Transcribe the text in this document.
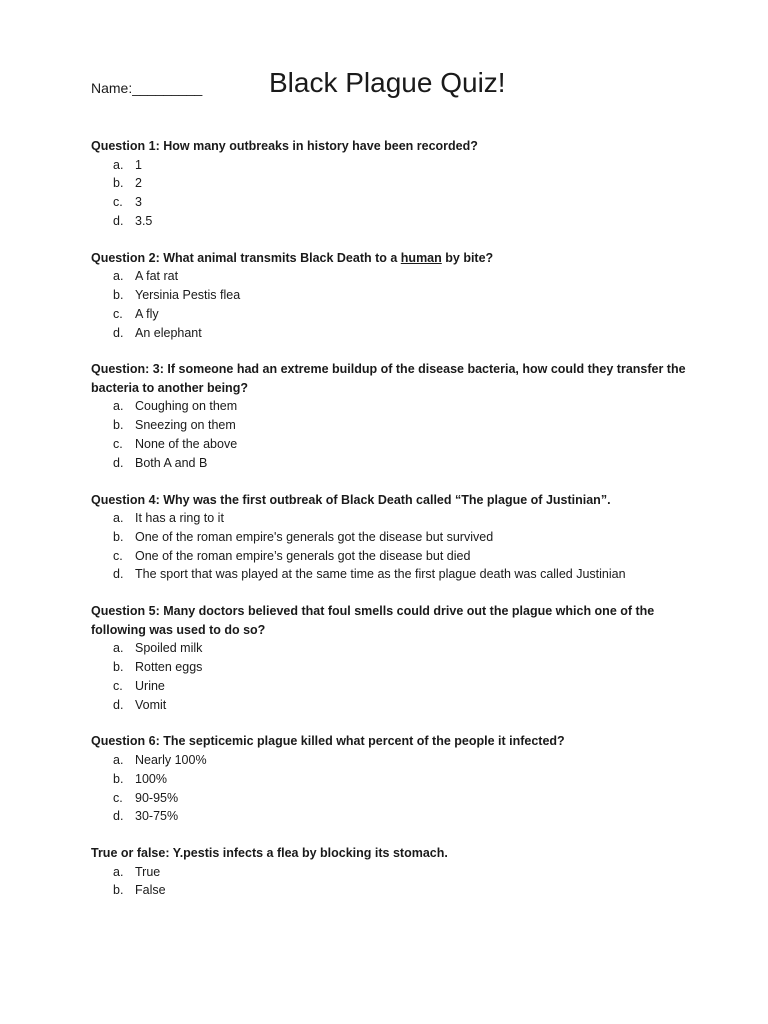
Name:_________ Black Plague Quiz!
Question 1: How many outbreaks in history have been recorded?
a. 1
b. 2
c. 3
d. 3.5
Question 2: What animal transmits Black Death to a human by bite?
a. A fat rat
b. Yersinia Pestis flea
c. A fly
d. An elephant
Question: 3: If someone had an extreme buildup of the disease bacteria, how could they transfer the bacteria to another being?
a. Coughing on them
b. Sneezing on them
c. None of the above
d. Both A and B
Question 4: Why was the first outbreak of Black Death called “The plague of Justinian”.
a. It has a ring to it
b. One of the roman empire's generals got the disease but survived
c. One of the roman empire’s generals got the disease but died
d. The sport that was played at the same time as the first plague death was called Justinian
Question 5: Many doctors believed that foul smells could drive out the plague which one of the following was used to do so?
a. Spoiled milk
b. Rotten eggs
c. Urine
d. Vomit
Question 6: The septicemic plague killed what percent of the people it infected?
a. Nearly 100%
b. 100%
c. 90-95%
d. 30-75%
True or false: Y.pestis infects a flea by blocking its stomach.
a. True
b. False
